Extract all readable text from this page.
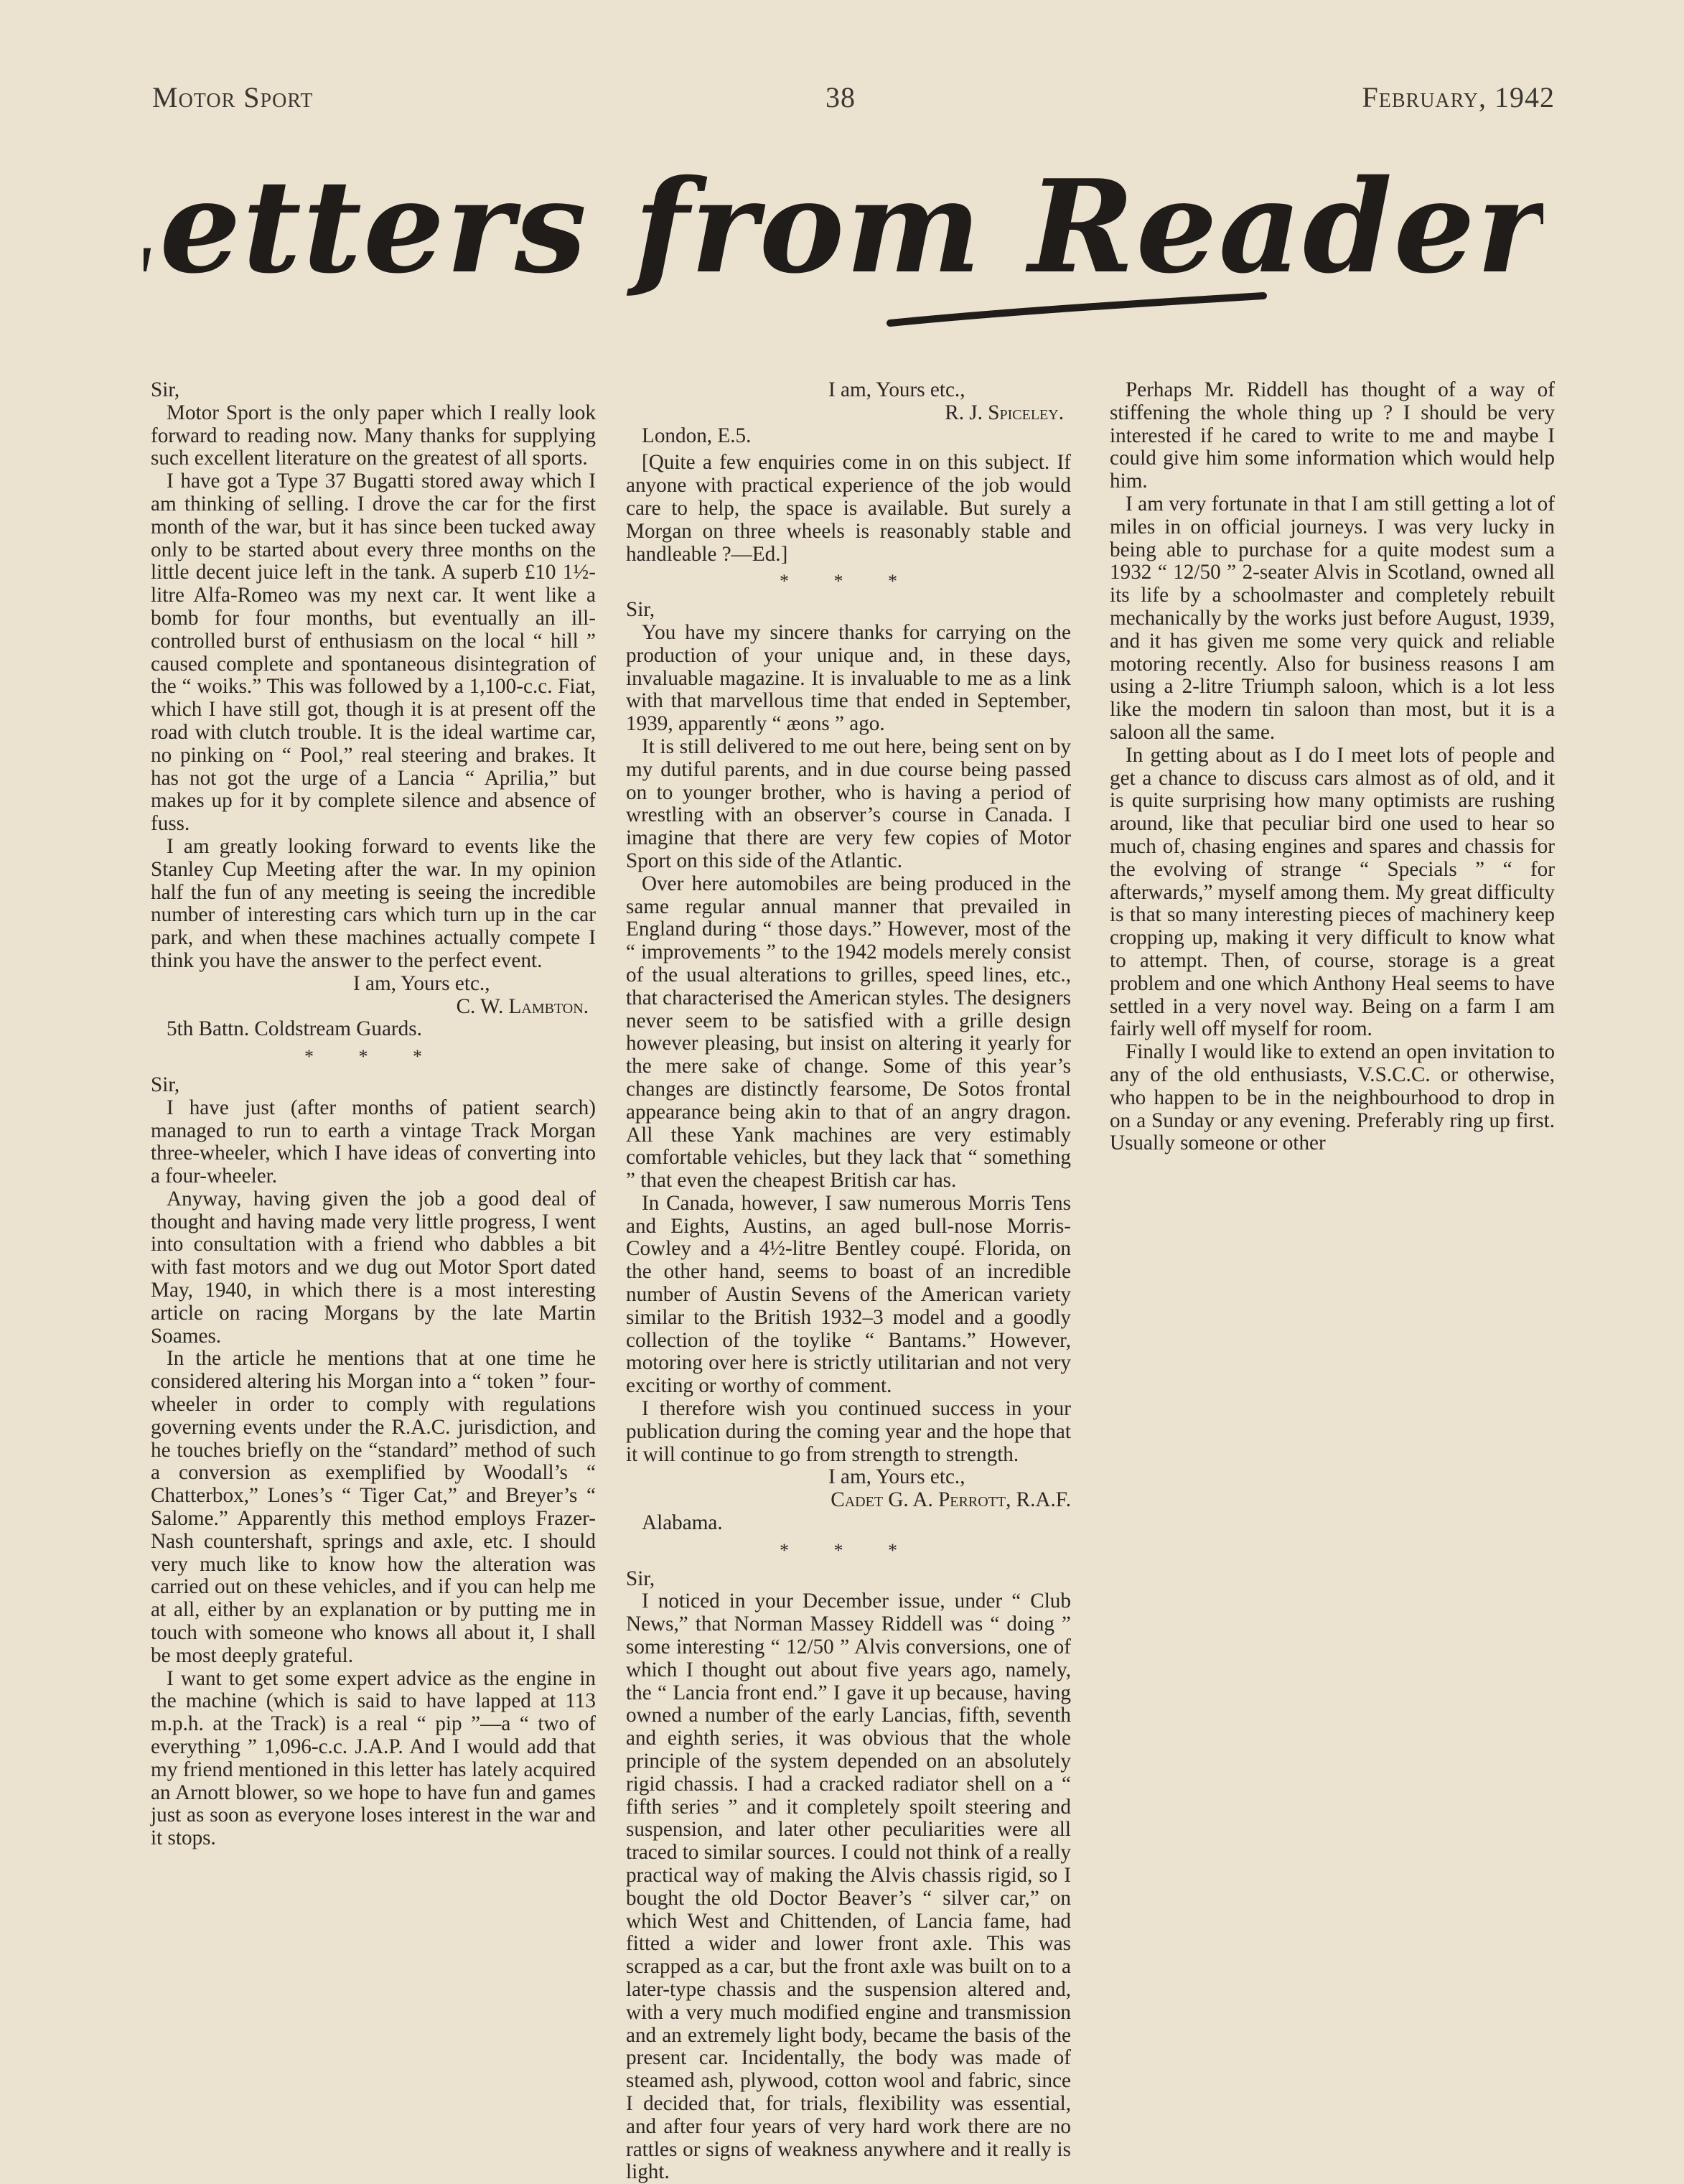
Motor Sport	38	February, 1942
Letters from Readers

Sir,

Motor Sport is the only paper which I really look forward to reading now. Many thanks for supplying such excellent literature on the greatest of all sports.

I have got a Type 37 Bugatti stored away which I am thinking of selling. I drove the car for the first month of the war, but it has since been tucked away only to be started about every three months on the little decent juice left in the tank. A superb £10 1½-litre Alfa-Romeo was my next car. It went like a bomb for four months, but eventually an ill-controlled burst of enthusiasm on the local “ hill ” caused complete and spontaneous disintegration of the “ woiks.” This was followed by a 1,100-c.c. Fiat, which I have still got, though it is at present off the road with clutch trouble. It is the ideal wartime car, no pinking on “ Pool,” real steering and brakes. It has not got the urge of a Lancia “ Aprilia,” but makes up for it by complete silence and absence of fuss.

I am greatly looking forward to events like the Stanley Cup Meeting after the war. In my opinion half the fun of any meeting is seeing the incredible number of interesting cars which turn up in the car park, and when these machines actually compete I think you have the answer to the perfect event.

I am, Yours etc.,

C. W. Lambton.

5th Battn. Coldstream Guards.

* * *

Sir,

I have just (after months of patient search) managed to run to earth a vintage Track Morgan three-wheeler, which I have ideas of converting into a four-wheeler.

Anyway, having given the job a good deal of thought and having made very little progress, I went into consultation with a friend who dabbles a bit with fast motors and we dug out Motor Sport dated May, 1940, in which there is a most interesting article on racing Morgans by the late Martin Soames.

In the article he mentions that at one time he considered altering his Morgan into a “ token ” four-wheeler in order to comply with regulations governing events under the R.A.C. jurisdiction, and he touches briefly on the “standard” method of such a conversion as exemplified by Woodall’s “ Chatterbox,” Lones’s “ Tiger Cat,” and Breyer’s “ Salome.” Apparently this method employs Frazer-Nash countershaft, springs and axle, etc. I should very much like to know how the alteration was carried out on these vehicles, and if you can help me at all, either by an explanation or by putting me in touch with someone who knows all about it, I shall be most deeply grateful.

I want to get some expert advice as the engine in the machine (which is said to have lapped at 113 m.p.h. at the Track) is a real “ pip ”—a “ two of everything ” 1,096-c.c. J.A.P. And I would add that my friend mentioned in this letter has lately acquired an Arnott blower, so we hope to have fun and games just as soon as everyone loses interest in the war and it stops.

I am, Yours etc.,

R. J. Spiceley.

London, E.5.

[Quite a few enquiries come in on this subject. If anyone with practical experience of the job would care to help, the space is available. But surely a Morgan on three wheels is reasonably stable and handleable ?—Ed.]

* * *

Sir,

You have my sincere thanks for carrying on the production of your unique and, in these days, invaluable magazine. It is invaluable to me as a link with that marvellous time that ended in September, 1939, apparently “ æons ” ago.

It is still delivered to me out here, being sent on by my dutiful parents, and in due course being passed on to younger brother, who is having a period of wrestling with an observer’s course in Canada. I imagine that there are very few copies of Motor Sport on this side of the Atlantic.

Over here automobiles are being produced in the same regular annual manner that prevailed in England during “ those days.” However, most of the “ improvements ” to the 1942 models merely consist of the usual alterations to grilles, speed lines, etc., that characterised the American styles. The designers never seem to be satisfied with a grille design however pleasing, but insist on altering it yearly for the mere sake of change. Some of this year’s changes are distinctly fearsome, De Sotos frontal appearance being akin to that of an angry dragon. All these Yank machines are very estimably comfortable vehicles, but they lack that “ something ” that even the cheapest British car has.

In Canada, however, I saw numerous Morris Tens and Eights, Austins, an aged bull-nose Morris-Cowley and a 4½-litre Bentley coupé. Florida, on the other hand, seems to boast of an incredible number of Austin Sevens of the American variety similar to the British 1932–3 model and a goodly collection of the toylike “ Bantams.” However, motoring over here is strictly utilitarian and not very exciting or worthy of comment.

I therefore wish you continued success in your publication during the coming year and the hope that it will continue to go from strength to strength.

I am, Yours etc.,

Cadet G. A. Perrott, R.A.F.

Alabama.

* * *

Sir,

I noticed in your December issue, under “ Club News,” that Norman Massey Riddell was “ doing ” some interesting “ 12/50 ” Alvis conversions, one of which I thought out about five years ago, namely, the “ Lancia front end.” I gave it up because, having owned a number of the early Lancias, fifth, seventh and eighth series, it was obvious that the whole principle of the system depended on an absolutely rigid chassis. I had a cracked radiator shell on a “ fifth series ” and it completely spoilt steering and suspension, and later other peculiarities were all traced to similar sources. I could not think of a really practical way of making the Alvis chassis rigid, so I bought the old Doctor Beaver’s “ silver car,” on which West and Chittenden, of Lancia fame, had fitted a wider and lower front axle. This was scrapped as a car, but the front axle was built on to a later-type chassis and the suspension altered and, with a very much modified engine and transmission and an extremely light body, became the basis of the present car. Incidentally, the body was made of steamed ash, plywood, cotton wool and fabric, since I decided that, for trials, flexibility was essential, and after four years of very hard work there are no rattles or signs of weakness anywhere and it really is light.

Perhaps Mr. Riddell has thought of a way of stiffening the whole thing up ? I should be very interested if he cared to write to me and maybe I could give him some information which would help him.

I am very fortunate in that I am still getting a lot of miles in on official journeys. I was very lucky in being able to purchase for a quite modest sum a 1932 “ 12/50 ” 2-seater Alvis in Scotland, owned all its life by a schoolmaster and completely rebuilt mechanically by the works just before August, 1939, and it has given me some very quick and reliable motoring recently. Also for business reasons I am using a 2-litre Triumph saloon, which is a lot less like the modern tin saloon than most, but it is a saloon all the same.

In getting about as I do I meet lots of people and get a chance to discuss cars almost as of old, and it is quite surprising how many optimists are rushing around, like that peculiar bird one used to hear so much of, chasing engines and spares and chassis for the evolving of strange “ Specials ” “ for afterwards,” myself among them. My great difficulty is that so many interesting pieces of machinery keep cropping up, making it very difficult to know what to attempt. Then, of course, storage is a great problem and one which Anthony Heal seems to have settled in a very novel way. Being on a farm I am fairly well off myself for room.

Finally I would like to extend an open invitation to any of the old enthusiasts, V.S.C.C. or otherwise, who happen to be in the neighbourhood to drop in on a Sunday or any evening. Preferably ring up first. Usually someone or other
